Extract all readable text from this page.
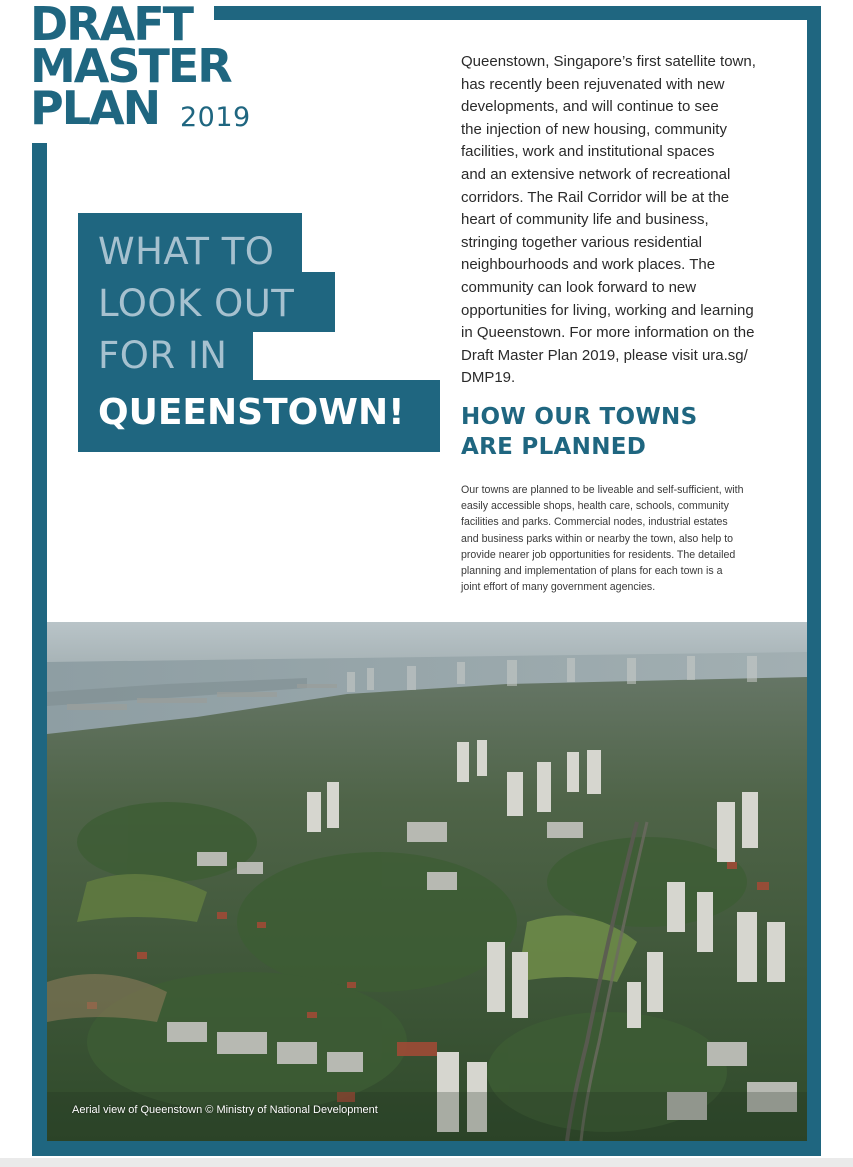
DRAFT
MASTER
PLAN 2019
WHAT TO
LOOK OUT
FOR IN
QUEENSTOWN!

Queenstown, Singapore’s first satellite town,
has recently been rejuvenated with new
developments, and will continue to see
the injection of new housing, community
facilities, work and institutional spaces
and an extensive network of recreational
corridors. The Rail Corridor will be at the
heart of community life and business,
stringing together various residential
neighbourhoods and work places. The
community can look forward to new
opportunities for living, working and learning
in Queenstown. For more information on the
Draft Master Plan 2019, please visit ura.sg/
DMP19.

HOW OUR TOWNS
ARE PLANNED

Our towns are planned to be liveable and self-sufficient, with
easily accessible shops, health care, schools, community
facilities and parks. Commercial nodes, industrial estates
and business parks within or nearby the town, also help to
provide nearer job opportunities for residents. The detailed
planning and implementation of plans for each town is a
joint effort of many government agencies.

Aerial view of Queenstown © Ministry of National Development
